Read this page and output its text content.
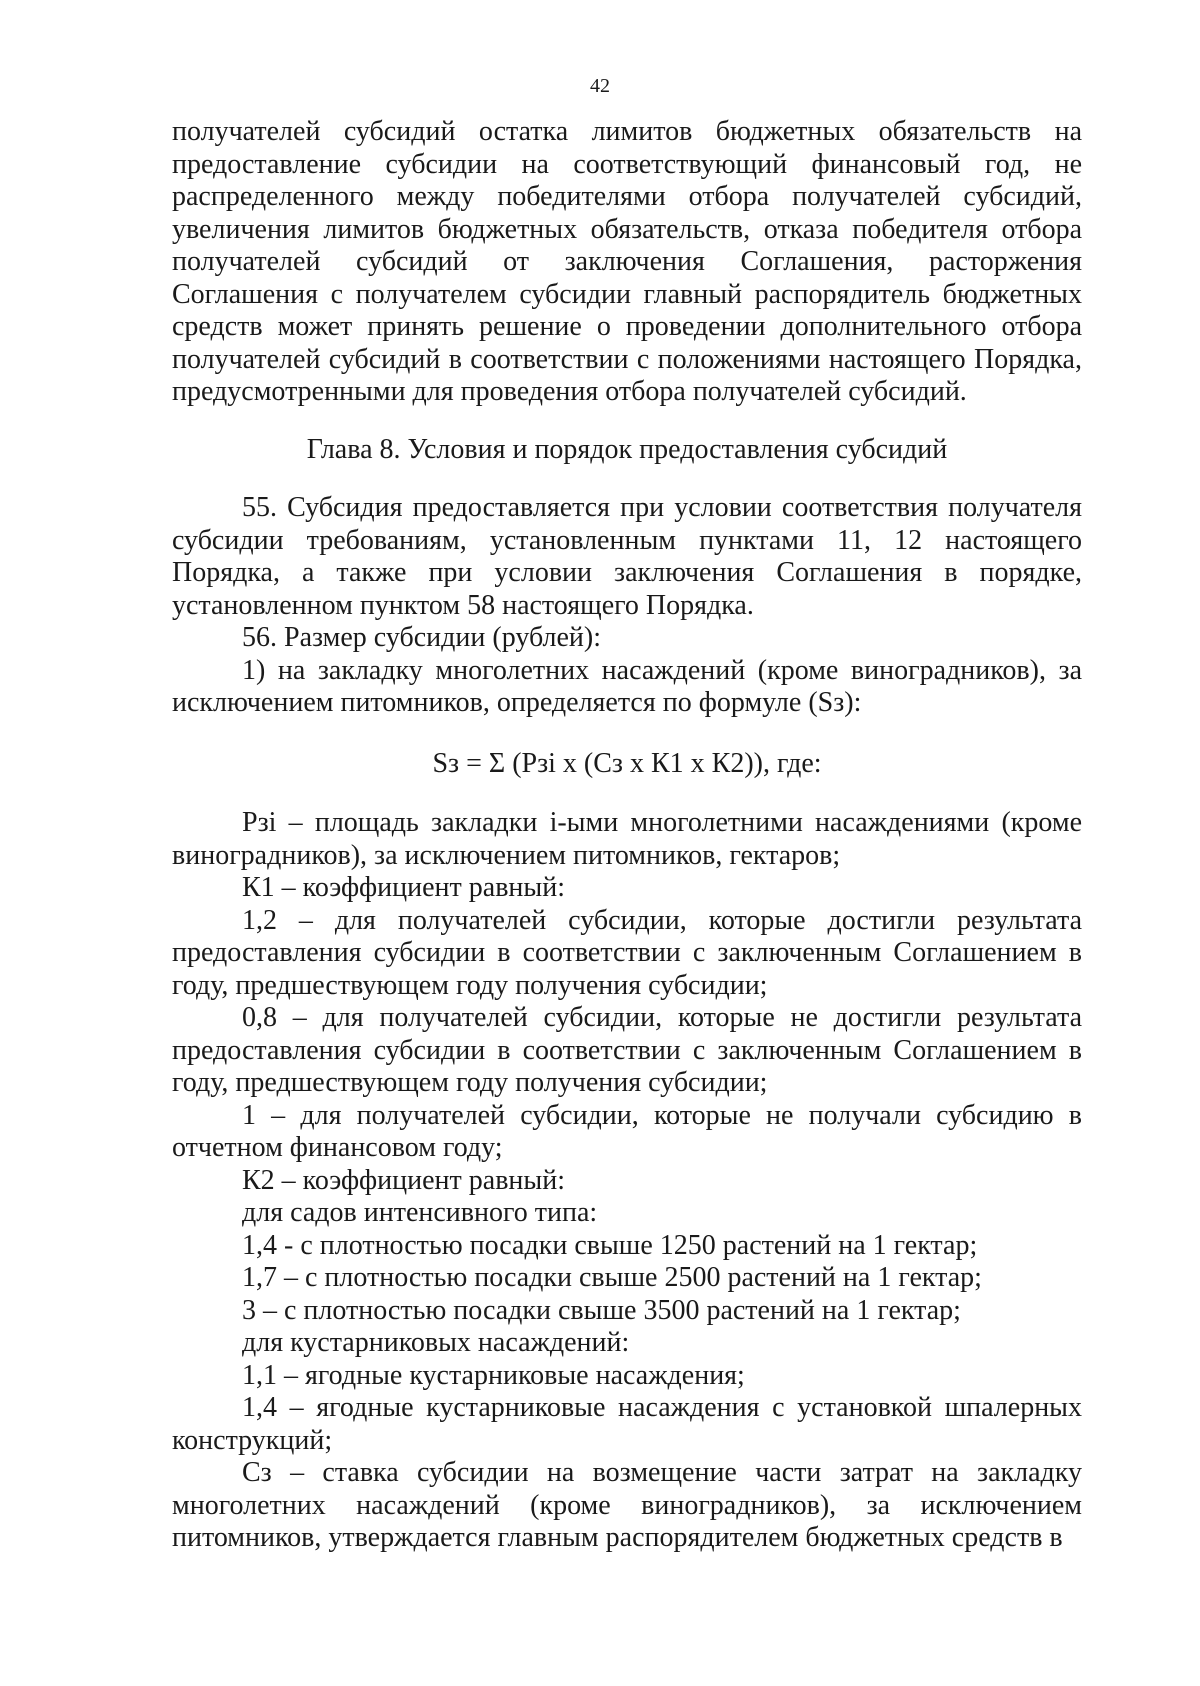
42

получателей субсидий остатка лимитов бюджетных обязательств на предоставление субсидии на соответствующий финансовый год, не распределенного между победителями отбора получателей субсидий, увеличения лимитов бюджетных обязательств, отказа победителя отбора получателей субсидий от заключения Соглашения, расторжения Соглашения с получателем субсидии главный распорядитель бюджетных средств может принять решение о проведении дополнительного отбора получателей субсидий в соответствии с положениями настоящего Порядка, предусмотренными для проведения отбора получателей субсидий.

Глава 8. Условия и порядок предоставления субсидий

55. Субсидия предоставляется при условии соответствия получателя субсидии требованиям, установленным пунктами 11, 12 настоящего Порядка, а также при условии заключения Соглашения в порядке, установленном пунктом 58 настоящего Порядка.

56. Размер субсидии (рублей):

1) на закладку многолетних насаждений (кроме виноградников), за исключением питомников, определяется по формуле (Sз):

Sз = Σ (Рзi х (Сз х К1 х К2)), где:

Рзi – площадь закладки i-ыми многолетними насаждениями (кроме виноградников), за исключением питомников, гектаров;

К1 – коэффициент равный:

1,2 – для получателей субсидии, которые достигли результата предоставления субсидии в соответствии с заключенным Соглашением в году, предшествующем году получения субсидии;

0,8 – для получателей субсидии, которые не достигли результата предоставления субсидии в соответствии с заключенным Соглашением в году, предшествующем году получения субсидии;

1 – для получателей субсидии, которые не получали субсидию в отчетном финансовом году;

К2 – коэффициент равный:

для садов интенсивного типа:

1,4 - с плотностью посадки свыше 1250 растений на 1 гектар;

1,7 – с плотностью посадки свыше 2500 растений на 1 гектар;

3 – с плотностью посадки свыше 3500 растений на 1 гектар;

для кустарниковых насаждений:

1,1 – ягодные кустарниковые насаждения;

1,4 – ягодные кустарниковые насаждения с установкой шпалерных конструкций;

Сз – ставка субсидии на возмещение части затрат на закладку многолетних насаждений (кроме виноградников), за исключением питомников, утверждается главным распорядителем бюджетных средств в
